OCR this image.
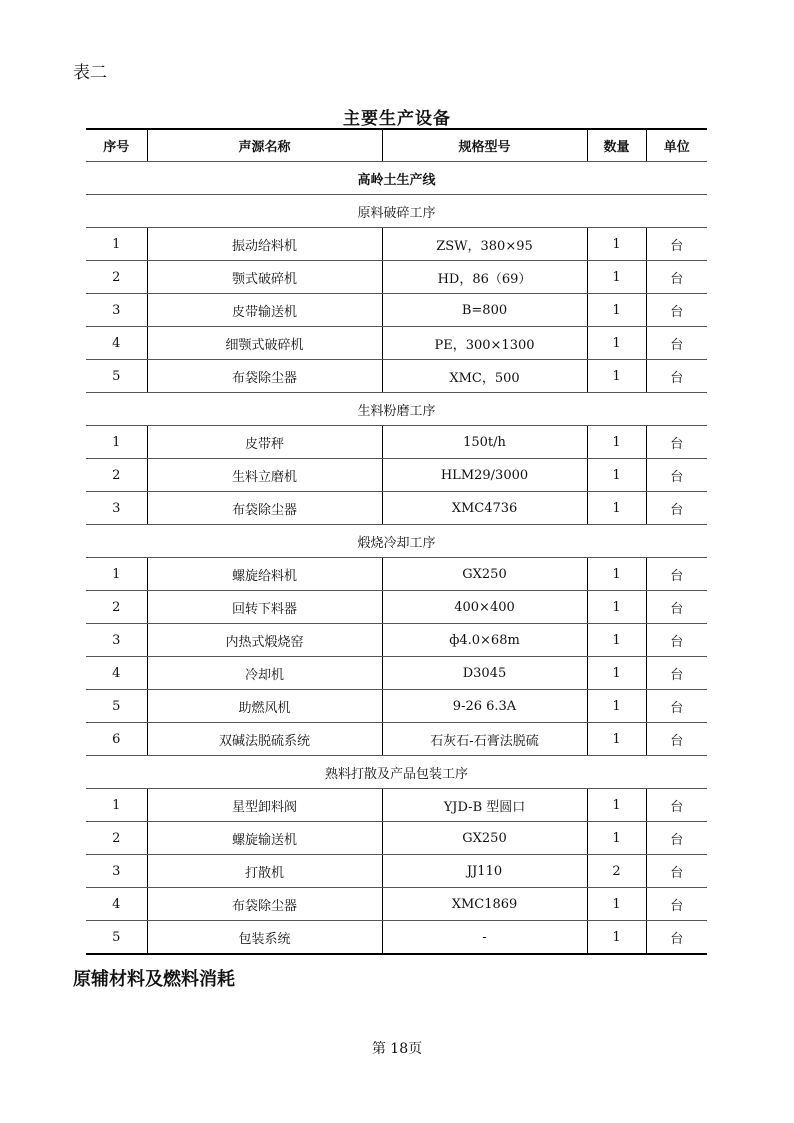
表二
主要生产设备
序号	声源名称	规格型号	数量	单位
高岭土生产线				
原料破碎工序				
1	振动给料机	ZSW，380×95	1	台
2	颚式破碎机	HD，86（69）	1	台
3	皮带输送机	B=800	1	台
4	细颚式破碎机	PE，300×1300	1	台
5	布袋除尘器	XMC，500	1	台
生料粉磨工序				
1	皮带秤	150t/h	1	台
2	生料立磨机	HLM29/3000	1	台
3	布袋除尘器	XMC4736	1	台
煅烧冷却工序				
1	螺旋给料机	GX250	1	台
2	回转下料器	400×400	1	台
3	内热式煅烧窑	ф4.0×68m	1	台
4	冷却机	D3045	1	台
5	助燃风机	9-26 6.3A	1	台
6	双碱法脱硫系统	石灰石-石膏法脱硫	1	台
熟料打散及产品包装工序				
1	星型卸料阀	YJD-B 型圆口	1	台
2	螺旋输送机	GX250	1	台
3	打散机	JJ110	2	台
4	布袋除尘器	XMC1869	1	台
5	包装系统	-	1	台
原辅材料及燃料消耗
第 18页
